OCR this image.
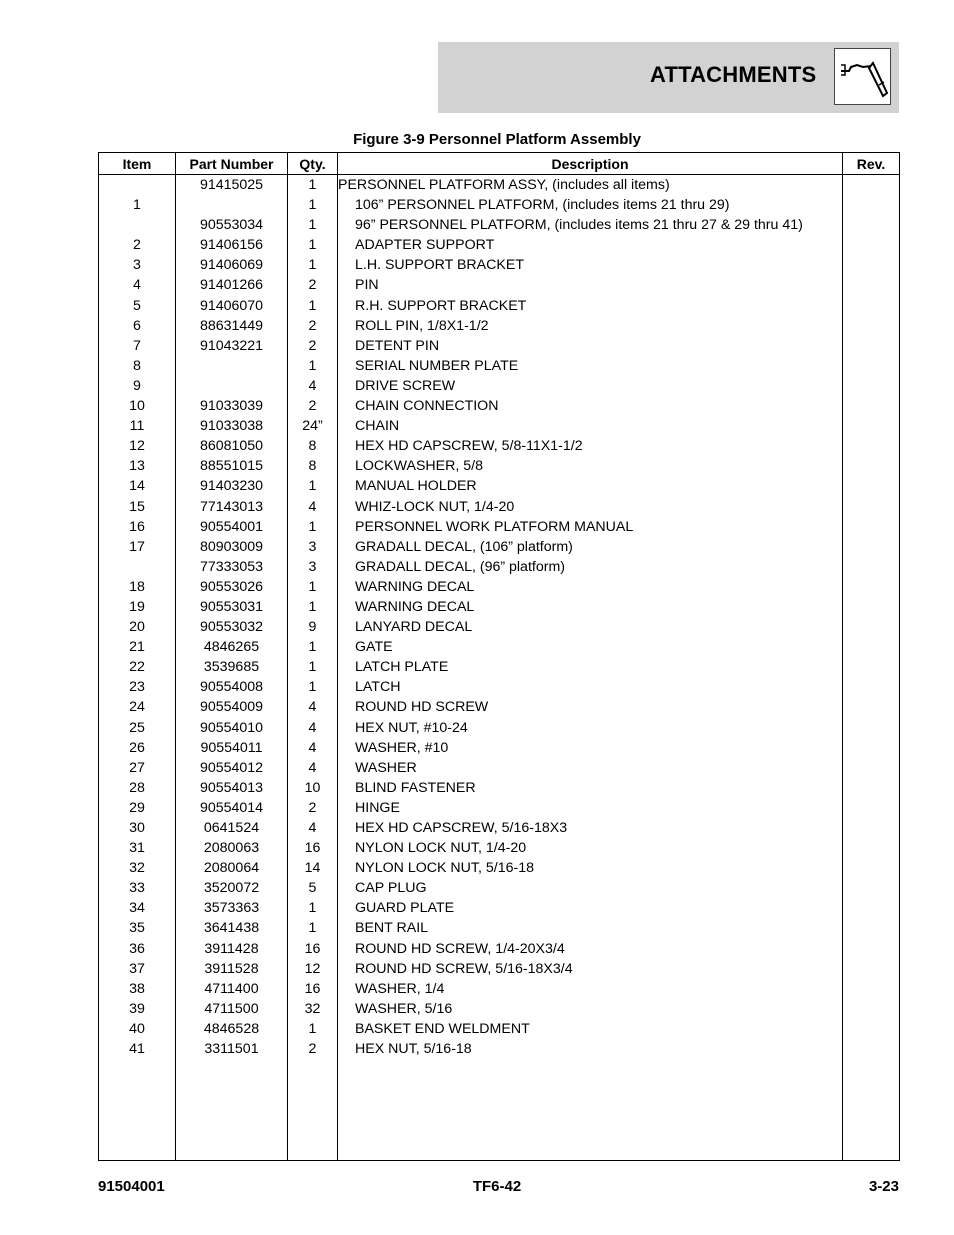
ATTACHMENTS
Figure 3-9 Personnel Platform Assembly
Item	Part Number	Qty.	Description	Rev.
	91415025	1	PERSONNEL PLATFORM ASSY, (includes all items)	
1		1	106” PERSONNEL PLATFORM, (includes items 21 thru 29)	
	90553034	1	96” PERSONNEL PLATFORM, (includes items 21 thru 27 & 29 thru 41)	
2	91406156	1	ADAPTER SUPPORT	
3	91406069	1	L.H. SUPPORT BRACKET	
4	91401266	2	PIN	
5	91406070	1	R.H. SUPPORT BRACKET	
6	88631449	2	ROLL PIN, 1/8X1-1/2	
7	91043221	2	DETENT PIN	
8		1	SERIAL NUMBER PLATE	
9		4	DRIVE SCREW	
10	91033039	2	CHAIN CONNECTION	
11	91033038	24”	CHAIN	
12	86081050	8	HEX HD CAPSCREW, 5/8-11X1-1/2	
13	88551015	8	LOCKWASHER, 5/8	
14	91403230	1	MANUAL HOLDER	
15	77143013	4	WHIZ-LOCK NUT, 1/4-20	
16	90554001	1	PERSONNEL WORK PLATFORM MANUAL	
17	80903009	3	GRADALL DECAL, (106” platform)	
	77333053	3	GRADALL DECAL, (96” platform)	
18	90553026	1	WARNING DECAL	
19	90553031	1	WARNING DECAL	
20	90553032	9	LANYARD DECAL	
21	4846265	1	GATE	
22	3539685	1	LATCH PLATE	
23	90554008	1	LATCH	
24	90554009	4	ROUND HD SCREW	
25	90554010	4	HEX NUT, #10-24	
26	90554011	4	WASHER, #10	
27	90554012	4	WASHER	
28	90554013	10	BLIND FASTENER	
29	90554014	2	HINGE	
30	0641524	4	HEX HD CAPSCREW, 5/16-18X3	
31	2080063	16	NYLON LOCK NUT, 1/4-20	
32	2080064	14	NYLON LOCK NUT, 5/16-18	
33	3520072	5	CAP PLUG	
34	3573363	1	GUARD PLATE	
35	3641438	1	BENT RAIL	
36	3911428	16	ROUND HD SCREW, 1/4-20X3/4	
37	3911528	12	ROUND HD SCREW, 5/16-18X3/4	
38	4711400	16	WASHER, 1/4	
39	4711500	32	WASHER, 5/16	
40	4846528	1	BASKET END WELDMENT	
41	3311501	2	HEX NUT, 5/16-18	

91504001	TF6-42	3-23
